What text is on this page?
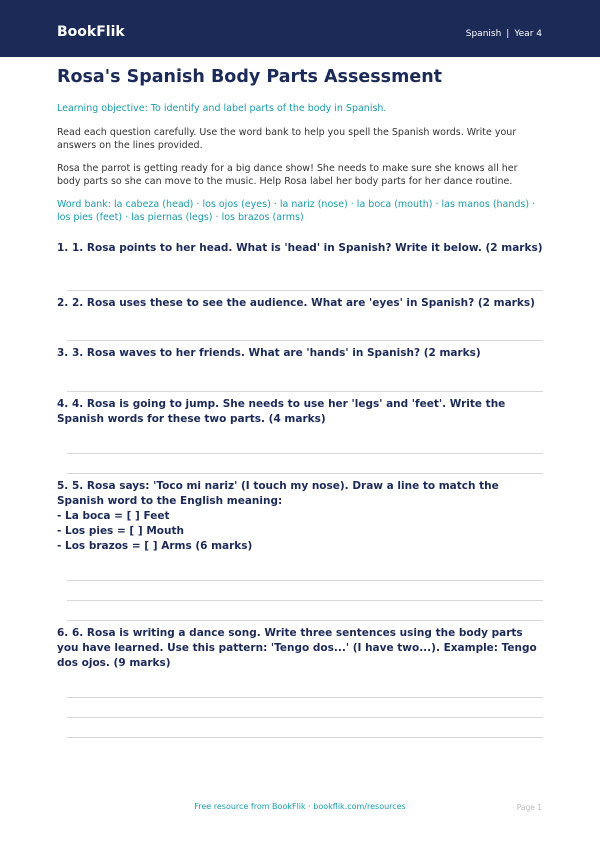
BookFlik	Spanish | Year 4
Rosa's Spanish Body Parts Assessment

Learning objective: To identify and label parts of the body in Spanish.

Read each question carefully. Use the word bank to help you spell the Spanish words. Write your answers on the lines provided.

Rosa the parrot is getting ready for a big dance show! She needs to make sure she knows all her body parts so she can move to the music. Help Rosa label her body parts for her dance routine.

Word bank: la cabeza (head) · los ojos (eyes) · la nariz (nose) · la boca (mouth) · las manos (hands) · los pies (feet) · las piernas (legs) · los brazos (arms)

1. 1. Rosa points to her head. What is 'head' in Spanish? Write it below. (2 marks)

2. 2. Rosa uses these to see the audience. What are 'eyes' in Spanish? (2 marks)

3. 3. Rosa waves to her friends. What are 'hands' in Spanish? (2 marks)

4. 4. Rosa is going to jump. She needs to use her 'legs' and 'feet'. Write the Spanish words for these two parts. (4 marks)

5. 5. Rosa says: 'Toco mi nariz' (I touch my nose). Draw a line to match the Spanish word to the English meaning:
- La boca = [ ] Feet
- Los pies = [ ] Mouth
- Los brazos = [ ] Arms (6 marks)

6. 6. Rosa is writing a dance song. Write three sentences using the body parts you have learned. Use this pattern: 'Tengo dos...' (I have two...). Example: Tengo dos ojos. (9 marks)

Free resource from BookFlik · bookflik.com/resources	Page 1
